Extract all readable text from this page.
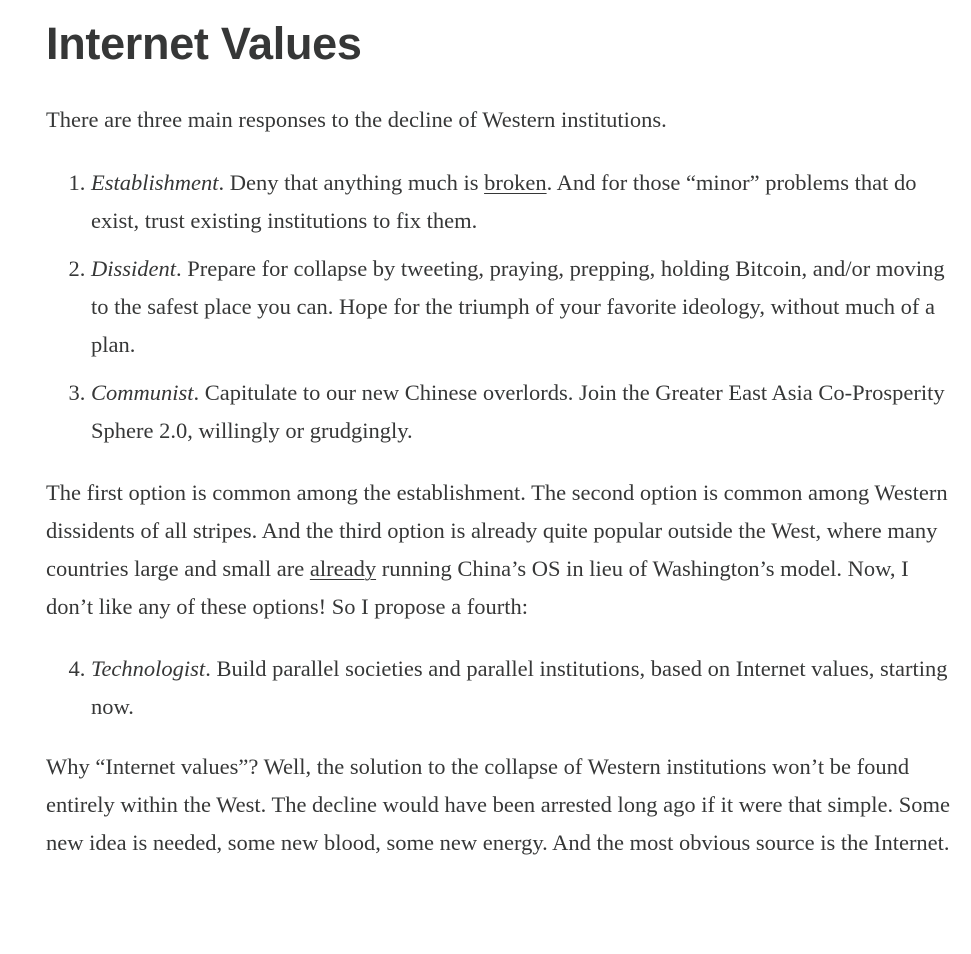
Internet Values

There are three main responses to the decline of Western institutions.

1. Establishment. Deny that anything much is broken. And for those “minor” problems that do exist, trust existing institutions to fix them.
2. Dissident. Prepare for collapse by tweeting, praying, prepping, holding Bitcoin, and/or moving to the safest place you can. Hope for the triumph of your favorite ideology, without much of a plan.
3. Communist. Capitulate to our new Chinese overlords. Join the Greater East Asia Co-Prosperity Sphere 2.0, willingly or grudgingly.

The first option is common among the establishment. The second option is common among Western dissidents of all stripes. And the third option is already quite popular outside the West, where many countries large and small are already running China’s OS in lieu of Washington’s model. Now, I don’t like any of these options! So I propose a fourth:

4. Technologist. Build parallel societies and parallel institutions, based on Internet values, starting now.

Why “Internet values”? Well, the solution to the collapse of Western institutions won’t be found entirely within the West. The decline would have been arrested long ago if it were that simple. Some new idea is needed, some new blood, some new energy. And the most obvious source is the Internet.
